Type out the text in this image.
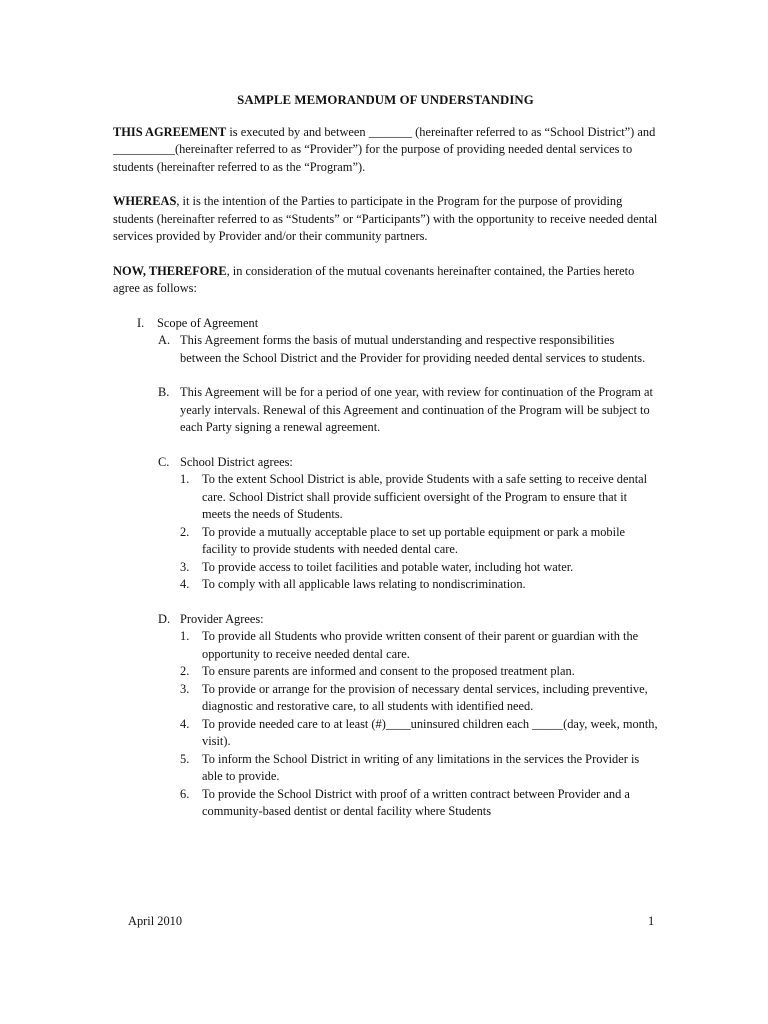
SAMPLE MEMORANDUM OF UNDERSTANDING

THIS AGREEMENT is executed by and between _______ (hereinafter referred to as “School District”) and __________(hereinafter referred to as “Provider”) for the purpose of providing needed dental services to students (hereinafter referred to as the “Program”).

WHEREAS, it is the intention of the Parties to participate in the Program for the purpose of providing students (hereinafter referred to as “Students” or “Participants”) with the opportunity to receive needed dental services provided by Provider and/or their community partners.

NOW, THEREFORE, in consideration of the mutual covenants hereinafter contained, the Parties hereto agree as follows:

I. Scope of Agreement

A. This Agreement forms the basis of mutual understanding and respective responsibilities between the School District and the Provider for providing needed dental services to students.
B. This Agreement will be for a period of one year, with review for continuation of the Program at yearly intervals. Renewal of this Agreement and continuation of the Program will be subject to each Party signing a renewal agreement.
C. School District agrees:
1. To the extent School District is able, provide Students with a safe setting to receive dental care. School District shall provide sufficient oversight of the Program to ensure that it meets the needs of Students.
2. To provide a mutually acceptable place to set up portable equipment or park a mobile facility to provide students with needed dental care.
3. To provide access to toilet facilities and potable water, including hot water.
4. To comply with all applicable laws relating to nondiscrimination.
D. Provider Agrees:
1. To provide all Students who provide written consent of their parent or guardian with the opportunity to receive needed dental care.
2. To ensure parents are informed and consent to the proposed treatment plan.
3. To provide or arrange for the provision of necessary dental services, including preventive, diagnostic and restorative care, to all students with identified need.
4. To provide needed care to at least (#)____uninsured children each _____(day, week, month, visit).
5. To inform the School District in writing of any limitations in the services the Provider is able to provide.
6. To provide the School District with proof of a written contract between Provider and a community-based dentist or dental facility where Students
April 2010	1
